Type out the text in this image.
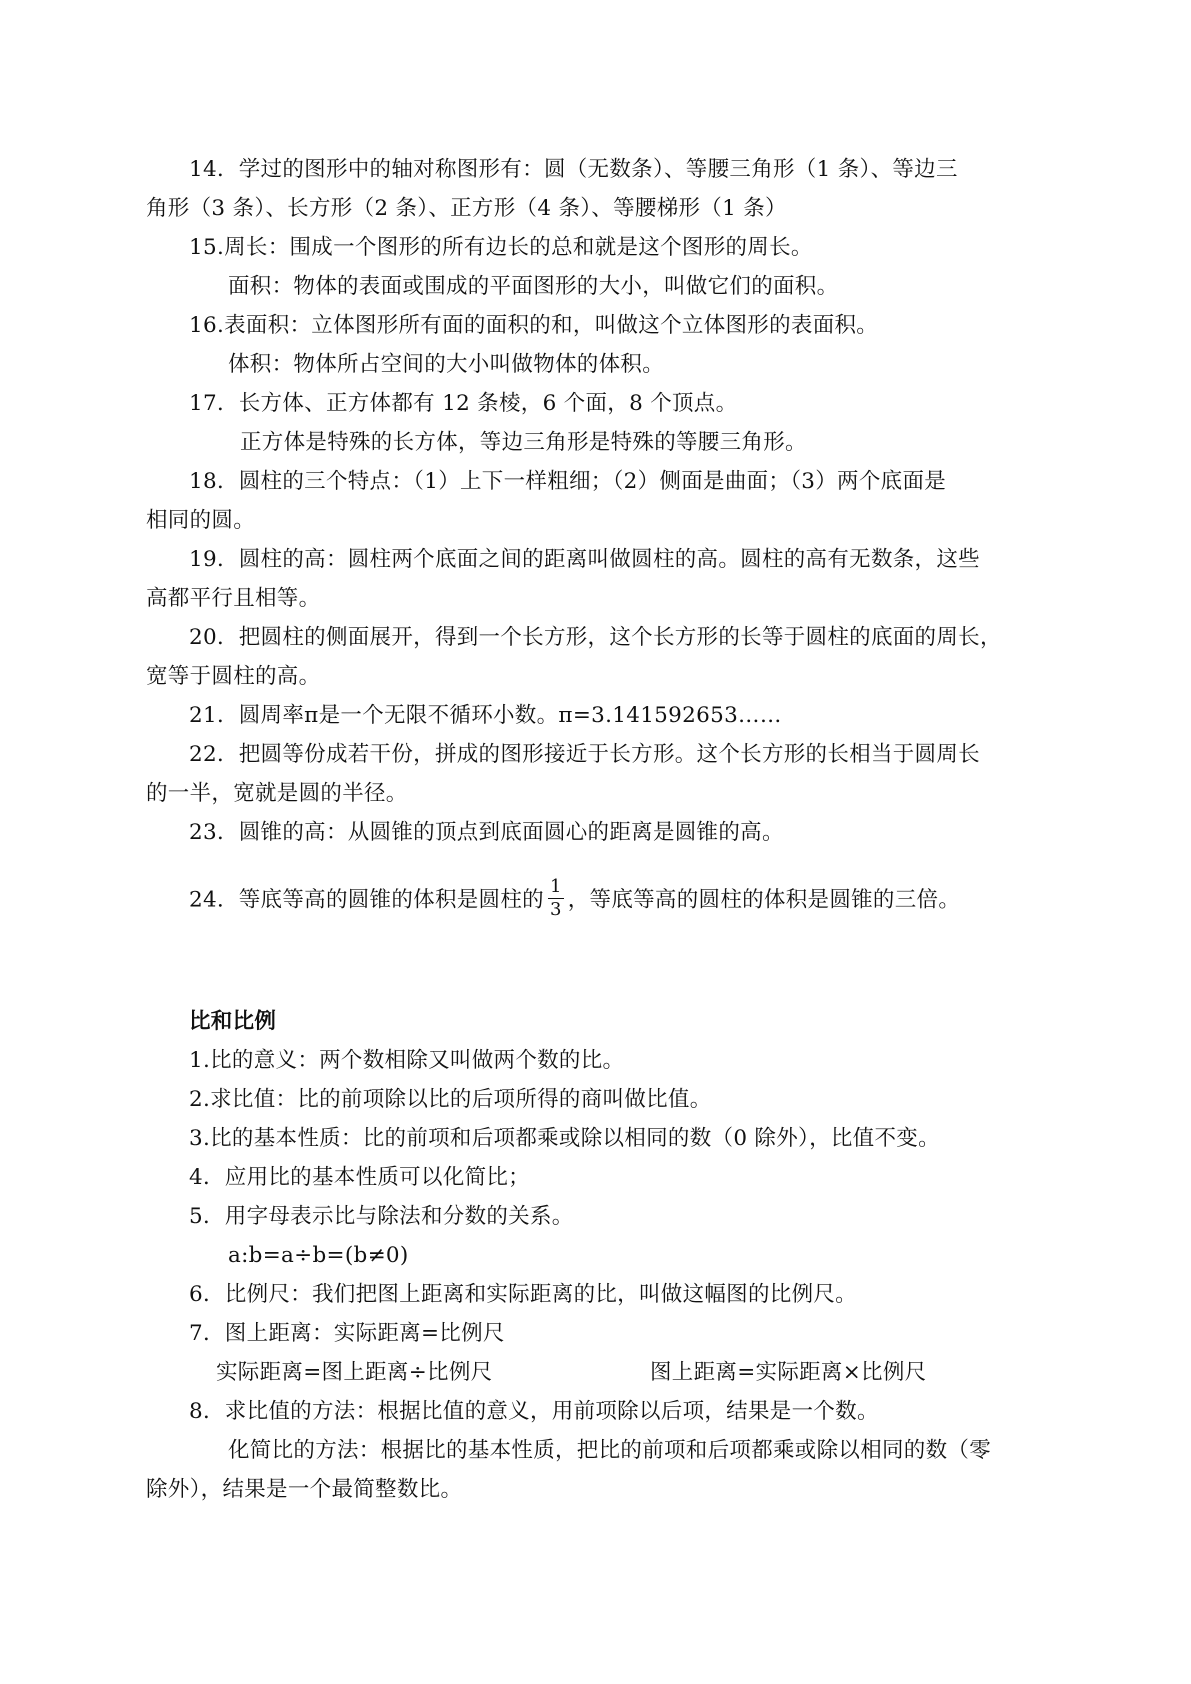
14．学过的图形中的轴对称图形有：圆（无数条）、等腰三角形（1 条）、等边三
角形（3 条）、长方形（2 条）、正方形（4 条）、等腰梯形（1 条）
15.周长：围成一个图形的所有边长的总和就是这个图形的周长。
面积：物体的表面或围成的平面图形的大小，叫做它们的面积。
16.表面积：立体图形所有面的面积的和，叫做这个立体图形的表面积。
体积：物体所占空间的大小叫做物体的体积。
17．长方体、正方体都有 12 条棱，6 个面，8 个顶点。
正方体是特殊的长方体，等边三角形是特殊的等腰三角形。
18．圆柱的三个特点：（1）上下一样粗细；（2）侧面是曲面；（3）两个底面是
相同的圆。
19．圆柱的高：圆柱两个底面之间的距离叫做圆柱的高。圆柱的高有无数条，这些
高都平行且相等。
20．把圆柱的侧面展开，得到一个长方形，这个长方形的长等于圆柱的底面的周长，
宽等于圆柱的高。
21．圆周率π是一个无限不循环小数。π=3.141592653……
22．把圆等份成若干份，拼成的图形接近于长方形。这个长方形的长相当于圆周长
的一半，宽就是圆的半径。
23．圆锥的高：从圆锥的顶点到底面圆心的距离是圆锥的高。
24．等底等高的圆锥的体积是圆柱的 $\frac{1}{3}$ ，等底等高的圆柱的体积是圆锥的三倍。
比和比例
1.比的意义：两个数相除又叫做两个数的比。
2.求比值：比的前项除以比的后项所得的商叫做比值。
3.比的基本性质：比的前项和后项都乘或除以相同的数（0 除外），比值不变。
4．应用比的基本性质可以化简比；
5．用字母表示比与除法和分数的关系。
a:b=a÷b=(b≠0)
6．比例尺：我们把图上距离和实际距离的比，叫做这幅图的比例尺。
7．图上距离：实际距离=比例尺
实际距离=图上距离÷比例尺	图上距离=实际距离×比例尺
8．求比值的方法：根据比值的意义，用前项除以后项，结果是一个数。
化简比的方法：根据比的基本性质，把比的前项和后项都乘或除以相同的数（零
除外），结果是一个最简整数比。
